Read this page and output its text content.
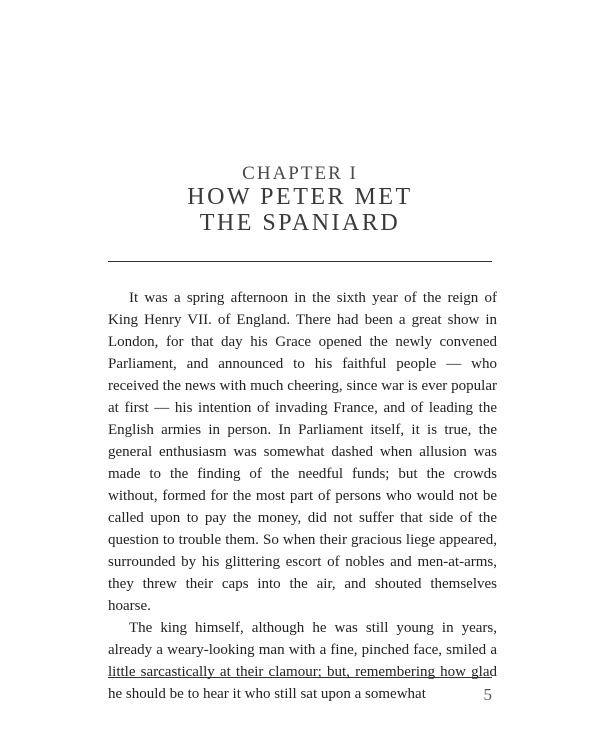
CHAPTER I
HOW PETER MET
THE SPANIARD

It was a spring afternoon in the sixth year of the reign of King Henry VII. of England. There had been a great show in London, for that day his Grace opened the newly convened Parliament, and announced to his faithful people — who received the news with much cheering, since war is ever popular at first — his intention of invading France, and of leading the English armies in person. In Parliament itself, it is true, the general enthusiasm was somewhat dashed when allusion was made to the finding of the needful funds; but the crowds without, formed for the most part of persons who would not be called upon to pay the money, did not suffer that side of the question to trouble them. So when their gracious liege appeared, surrounded by his glittering escort of nobles and men-at-arms, they threw their caps into the air, and shouted themselves hoarse.

The king himself, although he was still young in years, already a weary-looking man with a fine, pinched face, smiled a little sarcastically at their clamour; but, remembering how glad he should be to hear it who still sat upon a somewhat	5
